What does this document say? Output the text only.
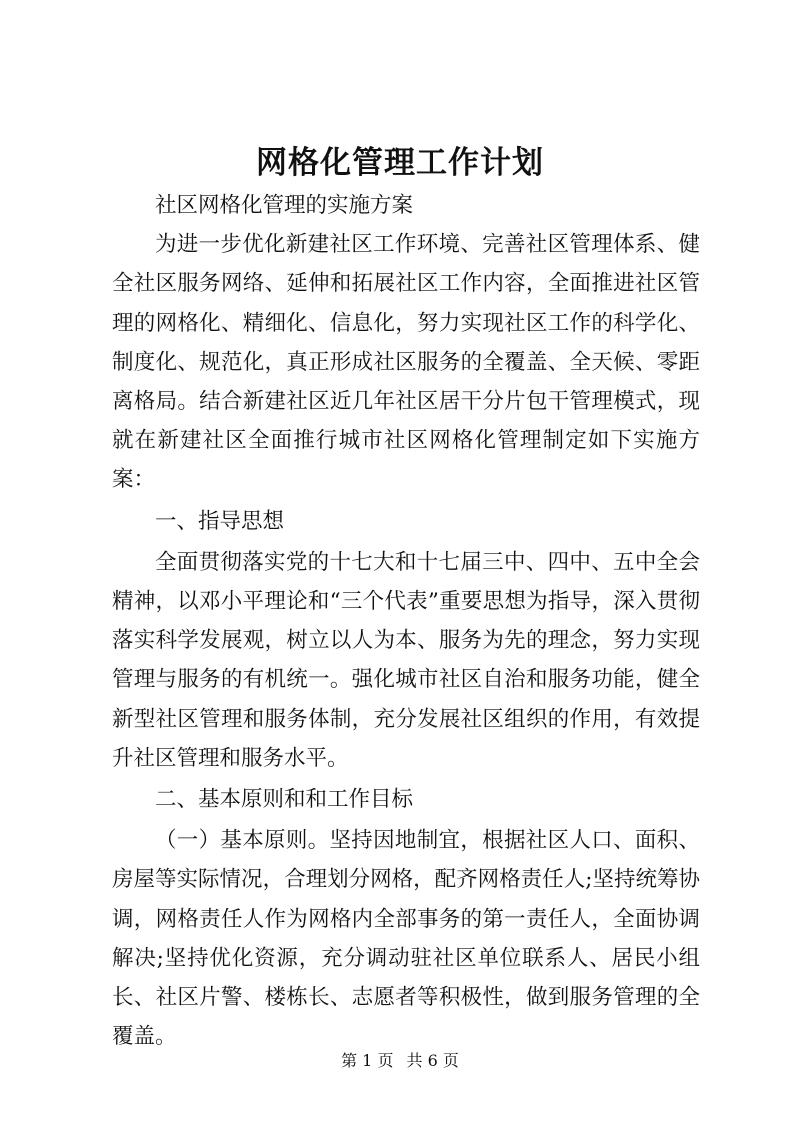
网格化管理工作计划

社区网格化管理的实施方案

为进一步优化新建社区工作环境、完善社区管理体系、健全社区服务网络、延伸和拓展社区工作内容，全面推进社区管理的网格化、精细化、信息化，努力实现社区工作的科学化、制度化、规范化，真正形成社区服务的全覆盖、全天候、零距离格局。结合新建社区近几年社区居干分片包干管理模式，现就在新建社区全面推行城市社区网格化管理制定如下实施方案：

一、指导思想

全面贯彻落实党的十七大和十七届三中、四中、五中全会精神，以邓小平理论和“三个代表”重要思想为指导，深入贯彻落实科学发展观，树立以人为本、服务为先的理念，努力实现管理与服务的有机统一。强化城市社区自治和服务功能，健全新型社区管理和服务体制，充分发展社区组织的作用，有效提升社区管理和服务水平。

二、基本原则和和工作目标

（一）基本原则。坚持因地制宜，根据社区人口、面积、房屋等实际情况，合理划分网格，配齐网格责任人;坚持统筹协调，网格责任人作为网格内全部事务的第一责任人，全面协调解决;坚持优化资源，充分调动驻社区单位联系人、居民小组长、社区片警、楼栋长、志愿者等积极性，做到服务管理的全覆盖。

第 1 页 共 6 页
